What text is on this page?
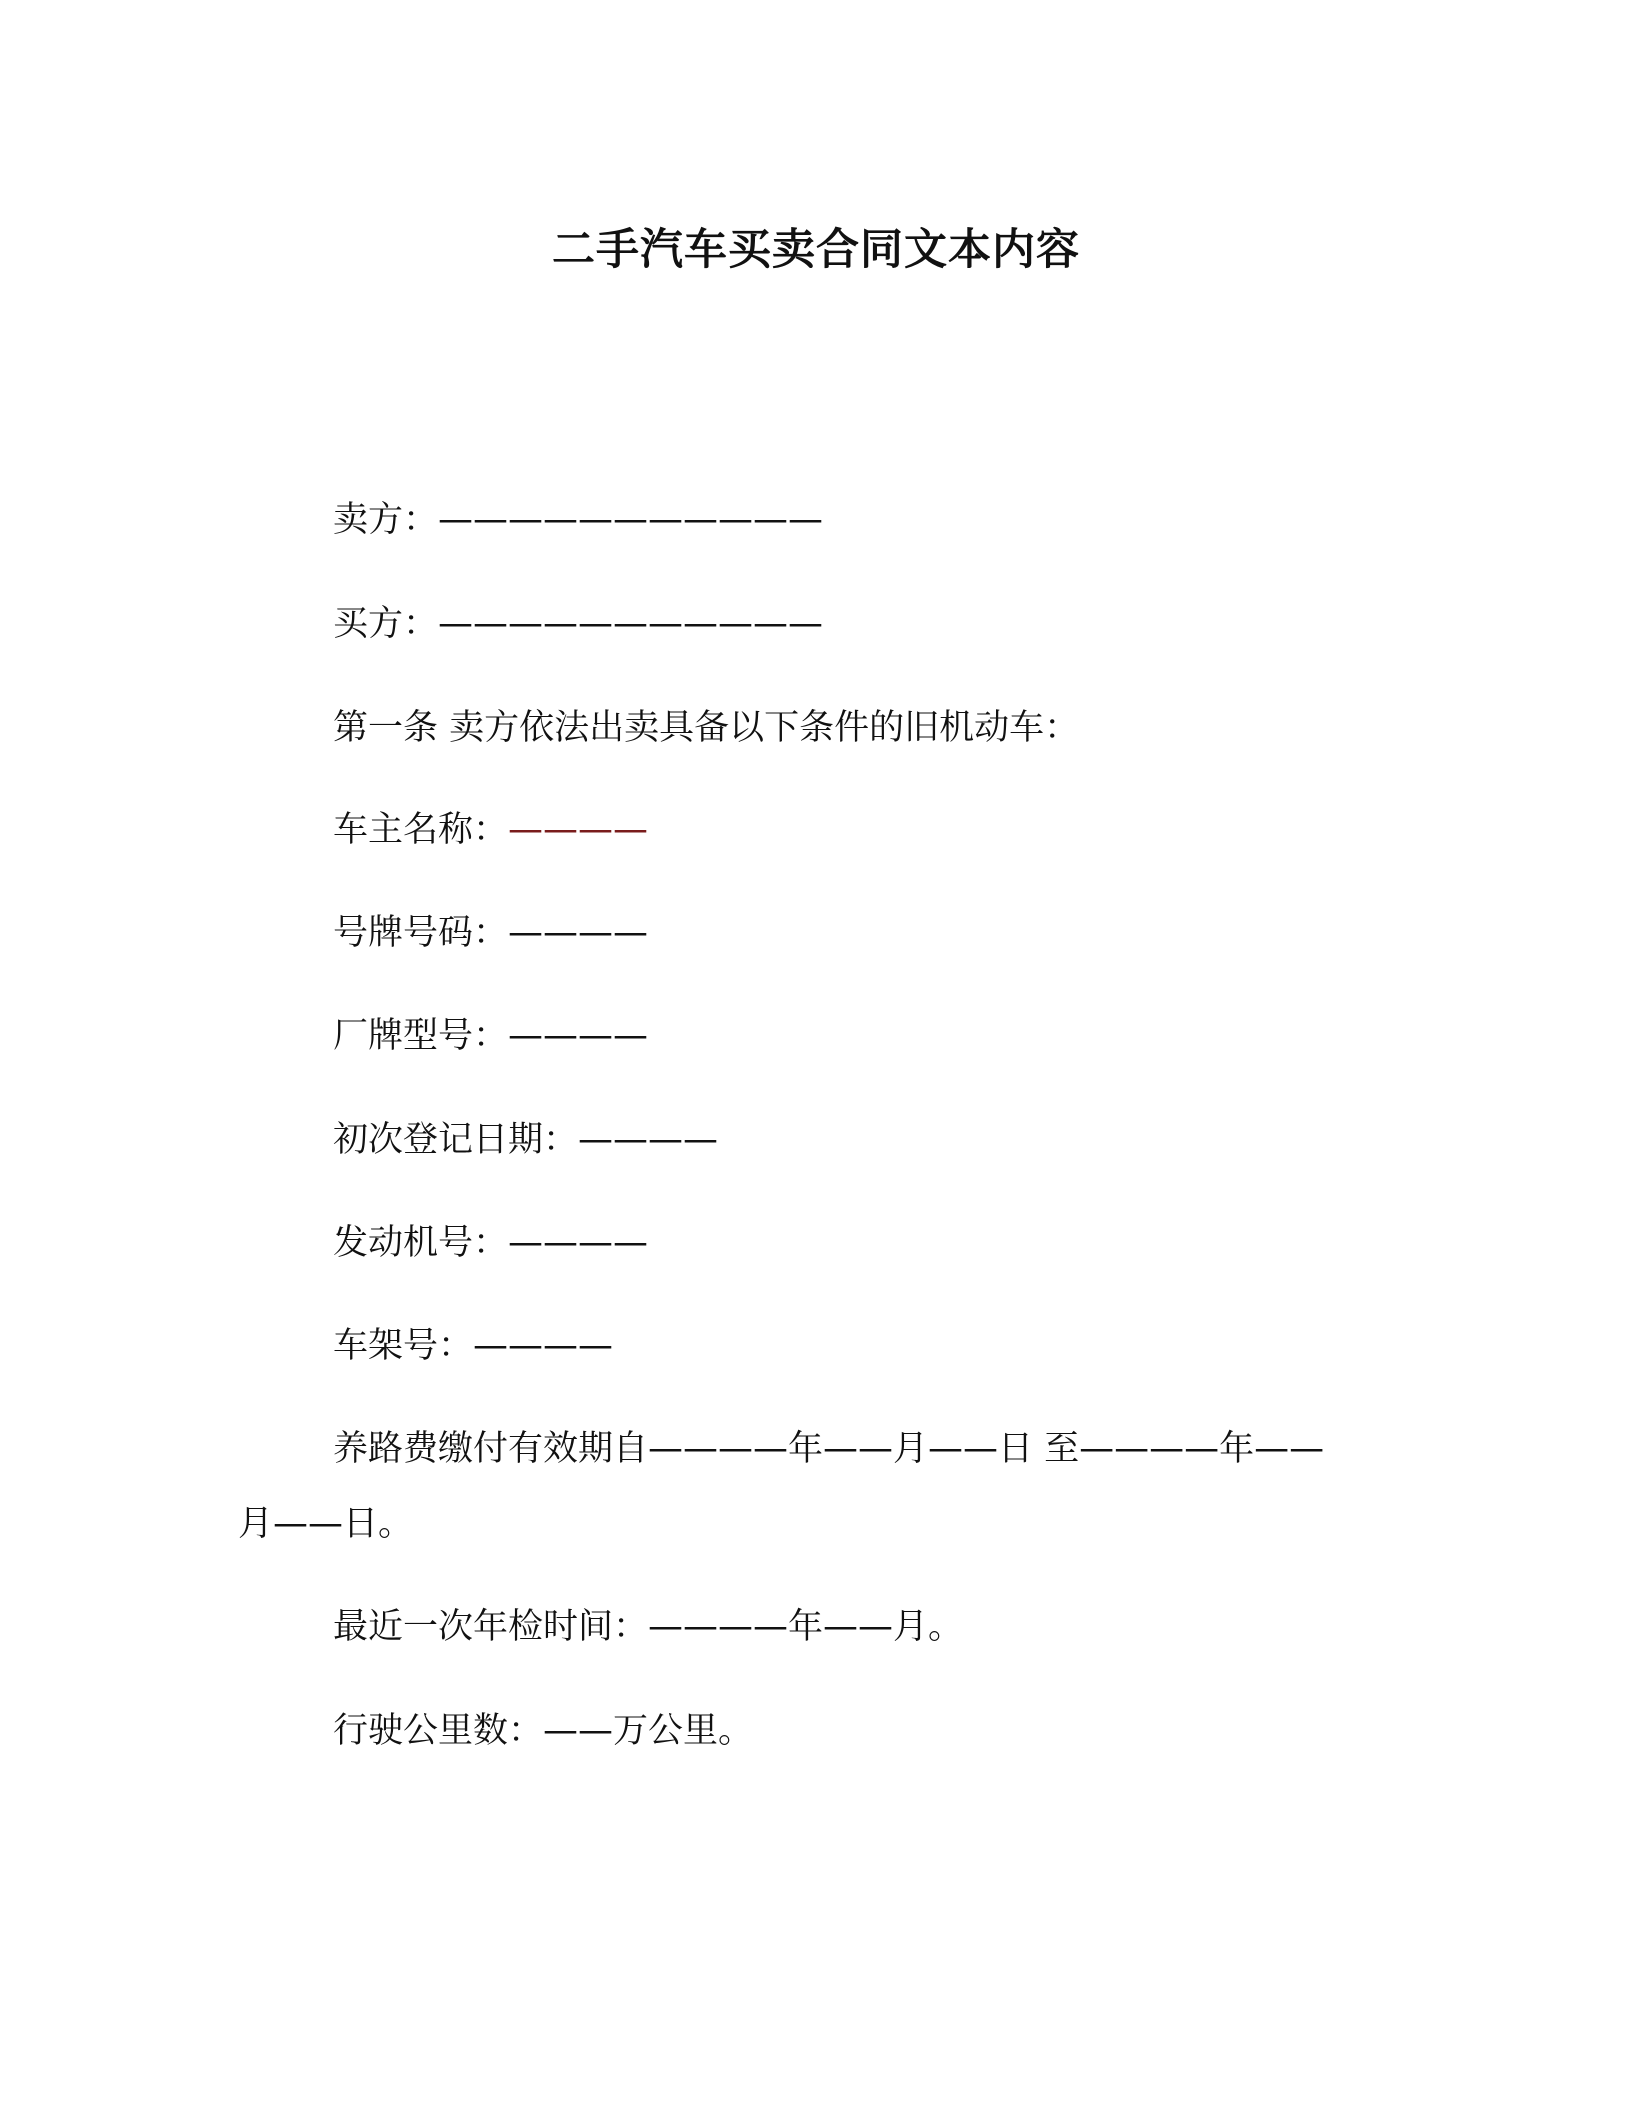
二手汽车买卖合同文本内容
卖方：———————————
买方：———————————
第一条 卖方依法出卖具备以下条件的旧机动车：
车主名称：————
号牌号码：————
厂牌型号：————
初次登记日期：————
发动机号：————
车架号：————
养路费缴付有效期自————年——月——日 至————年——
月——日。
最近一次年检时间：————年——月。
行驶公里数：——万公里。
